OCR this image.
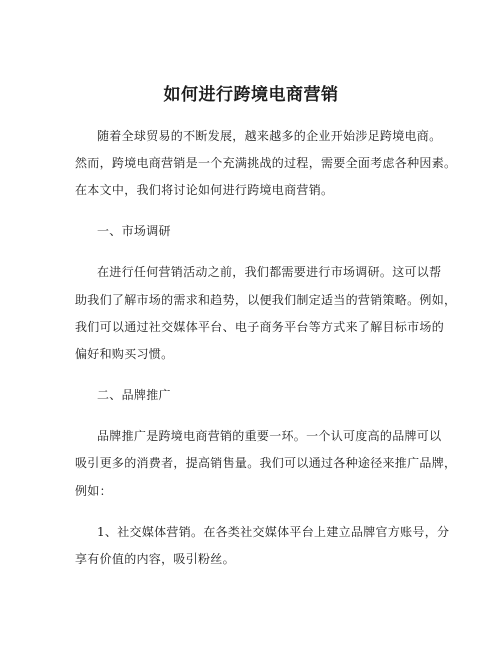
如何进行跨境电商营销
随着全球贸易的不断发展，越来越多的企业开始涉足跨境电商。
然而，跨境电商营销是一个充满挑战的过程，需要全面考虑各种因素。
在本文中，我们将讨论如何进行跨境电商营销。
一、市场调研
在进行任何营销活动之前，我们都需要进行市场调研。这可以帮
助我们了解市场的需求和趋势，以便我们制定适当的营销策略。例如，
我们可以通过社交媒体平台、电子商务平台等方式来了解目标市场的
偏好和购买习惯。
二、品牌推广
品牌推广是跨境电商营销的重要一环。一个认可度高的品牌可以
吸引更多的消费者，提高销售量。我们可以通过各种途径来推广品牌，
例如：
1、社交媒体营销。在各类社交媒体平台上建立品牌官方账号，分
享有价值的内容，吸引粉丝。
